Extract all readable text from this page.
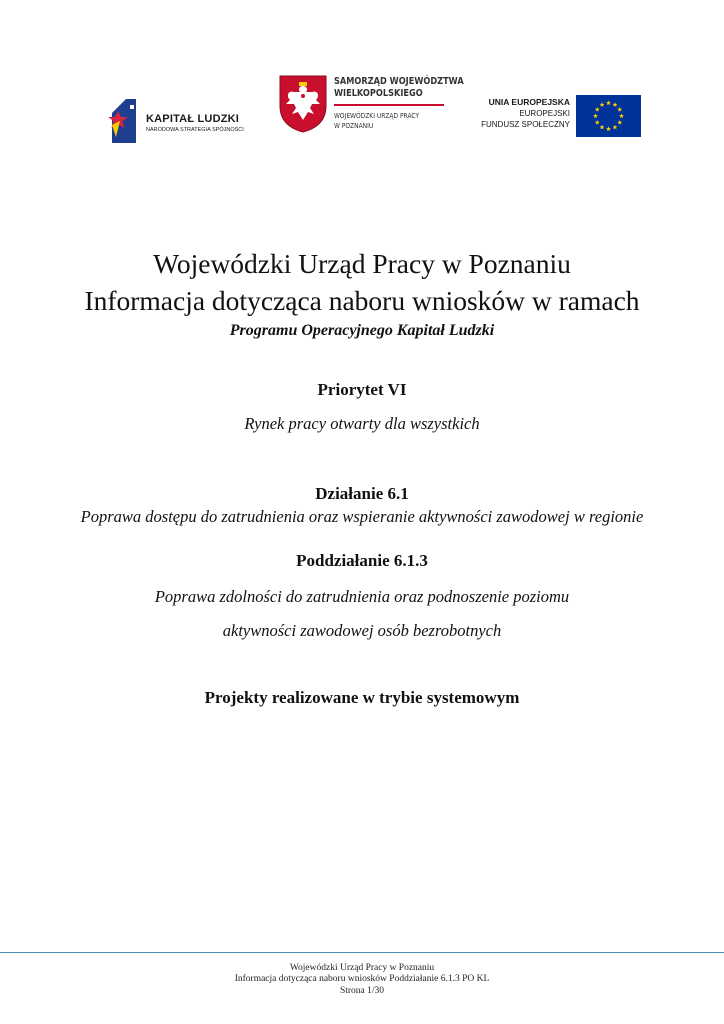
KAPITAŁ LUDZKI
NARODOWA STRATEGIA SPÓJNOŚCI
SAMORZĄD WOJEWÓDZTWA
WIELKOPOLSKIEGO
WOJEWÓDZKI URZĄD PRACY
W POZNANIU
UNIA EUROPEJSKA
EUROPEJSKI
FUNDUSZ SPOŁECZNY
Wojewódzki Urząd Pracy w Poznaniu
Informacja dotycząca naboru wniosków w ramach
Programu Operacyjnego Kapitał Ludzki
Priorytet VI
Rynek pracy otwarty dla wszystkich
Działanie 6.1
Poprawa dostępu do zatrudnienia oraz wspieranie aktywności zawodowej w regionie
Poddziałanie 6.1.3
Poprawa zdolności do zatrudnienia oraz podnoszenie poziomu
aktywności zawodowej osób bezrobotnych
Projekty realizowane w trybie systemowym
Wojewódzki Urząd Pracy w Poznaniu
Informacja dotycząca naboru wniosków Poddziałanie 6.1.3 PO KL
Strona 1/30
